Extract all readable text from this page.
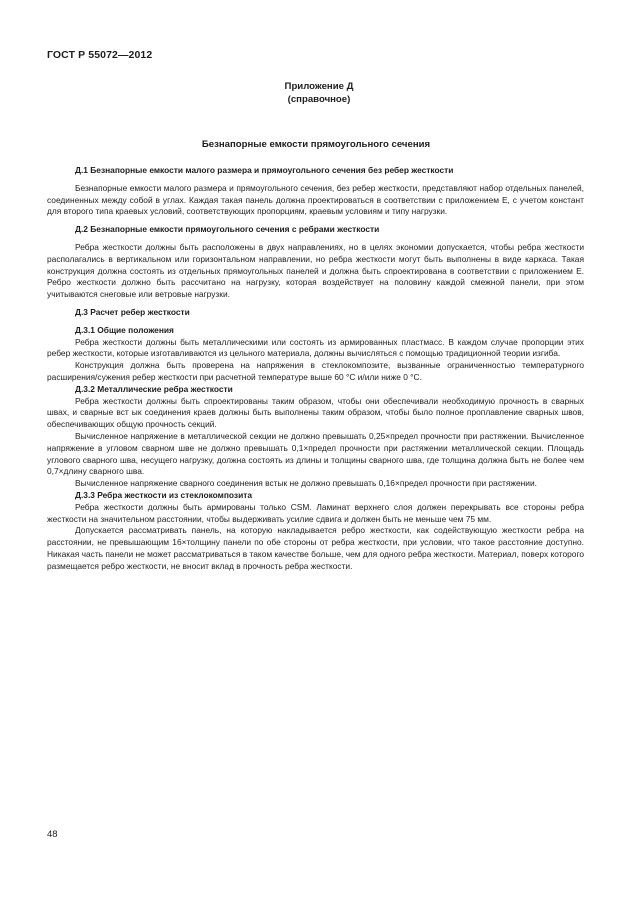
ГОСТ Р 55072—2012
Приложение Д
(справочное)
Безнапорные емкости прямоугольного сечения
Д.1 Безнапорные емкости малого размера и прямоугольного сечения без ребер жесткости

Безнапорные емкости малого размера и прямоугольного сечения, без ребер жесткости, представляют набор отдельных панелей, соединенных между собой в углах. Каждая такая панель должна проектироваться в соответствии с приложением Е, с учетом констант для второго типа краевых условий, соответствующих пропорциям, краевым условиям и типу нагрузки.

Д.2 Безнапорные емкости прямоугольного сечения с ребрами жесткости

Ребра жесткости должны быть расположены в двух направлениях, но в целях экономии допускается, чтобы ребра жесткости располагались в вертикальном или горизонтальном направлении, но ребра жесткости могут быть выполнены в виде каркаса. Такая конструкция должна состоять из отдельных прямоугольных панелей и должна быть спроектирована в соответствии с приложением Е. Ребро жесткости должно быть рассчитано на нагрузку, которая воздействует на половину каждой смежной панели, при этом учитываются снеговые или ветровые нагрузки.

Д.3 Расчет ребер жесткости
Д.3.1 Общие положения

Ребра жесткости должны быть металлическими или состоять из армированных пластмасс. В каждом случае пропорции этих ребер жесткости, которые изготавливаются из цельного материала, должны вычисляться с помощью традиционной теории изгиба.

Конструкция должна быть проверена на напряжения в стеклокомпозите, вызванные ограниченностью температурного расширения/сужения ребер жесткости при расчетной температуре выше 60 °С и/или ниже 0 °С.

Д.3.2 Металлические ребра жесткости

Ребра жесткости должны быть спроектированы таким образом, чтобы они обеспечивали необходимую прочность в сварных швах, и сварные вст ык соединения краев должны быть выполнены таким образом, чтобы было полное проплавление сварных швов, обеспечивающих общую прочность секций.

Вычисленное напряжение в металлической секции не должно превышать 0,25×предел прочности при растяжении. Вычисленное напряжение в угловом сварном шве не должно превышать 0,1×предел прочности при растяжении металлической секции. Площадь углового сварного шва, несущего нагрузку, должна состоять из длины и толщины сварного шва, где толщина должна быть не более чем 0,7×длину сварного шва.

Вычисленное напряжение сварного соединения встык не должно превышать 0,16×предел прочности при растяжении.

Д.3.3 Ребра жесткости из стеклокомпозита

Ребра жесткости должны быть армированы только CSM. Ламинат верхнего слоя должен перекрывать все стороны ребра жесткости на значительном расстоянии, чтобы выдерживать усилие сдвига и должен быть не меньше чем 75 мм.

Допускается рассматривать панель, на которую накладывается ребро жесткости, как содействующую жесткости ребра на расстоянии, не превышающим 16×толщину панели по обе стороны от ребра жесткости, при условии, что такое расстояние доступно. Никакая часть панели не может рассматриваться в таком качестве больше, чем для одного ребра жесткости. Материал, поверх которого размещается ребро жесткости, не вносит вклад в прочность ребра жесткости.

48
